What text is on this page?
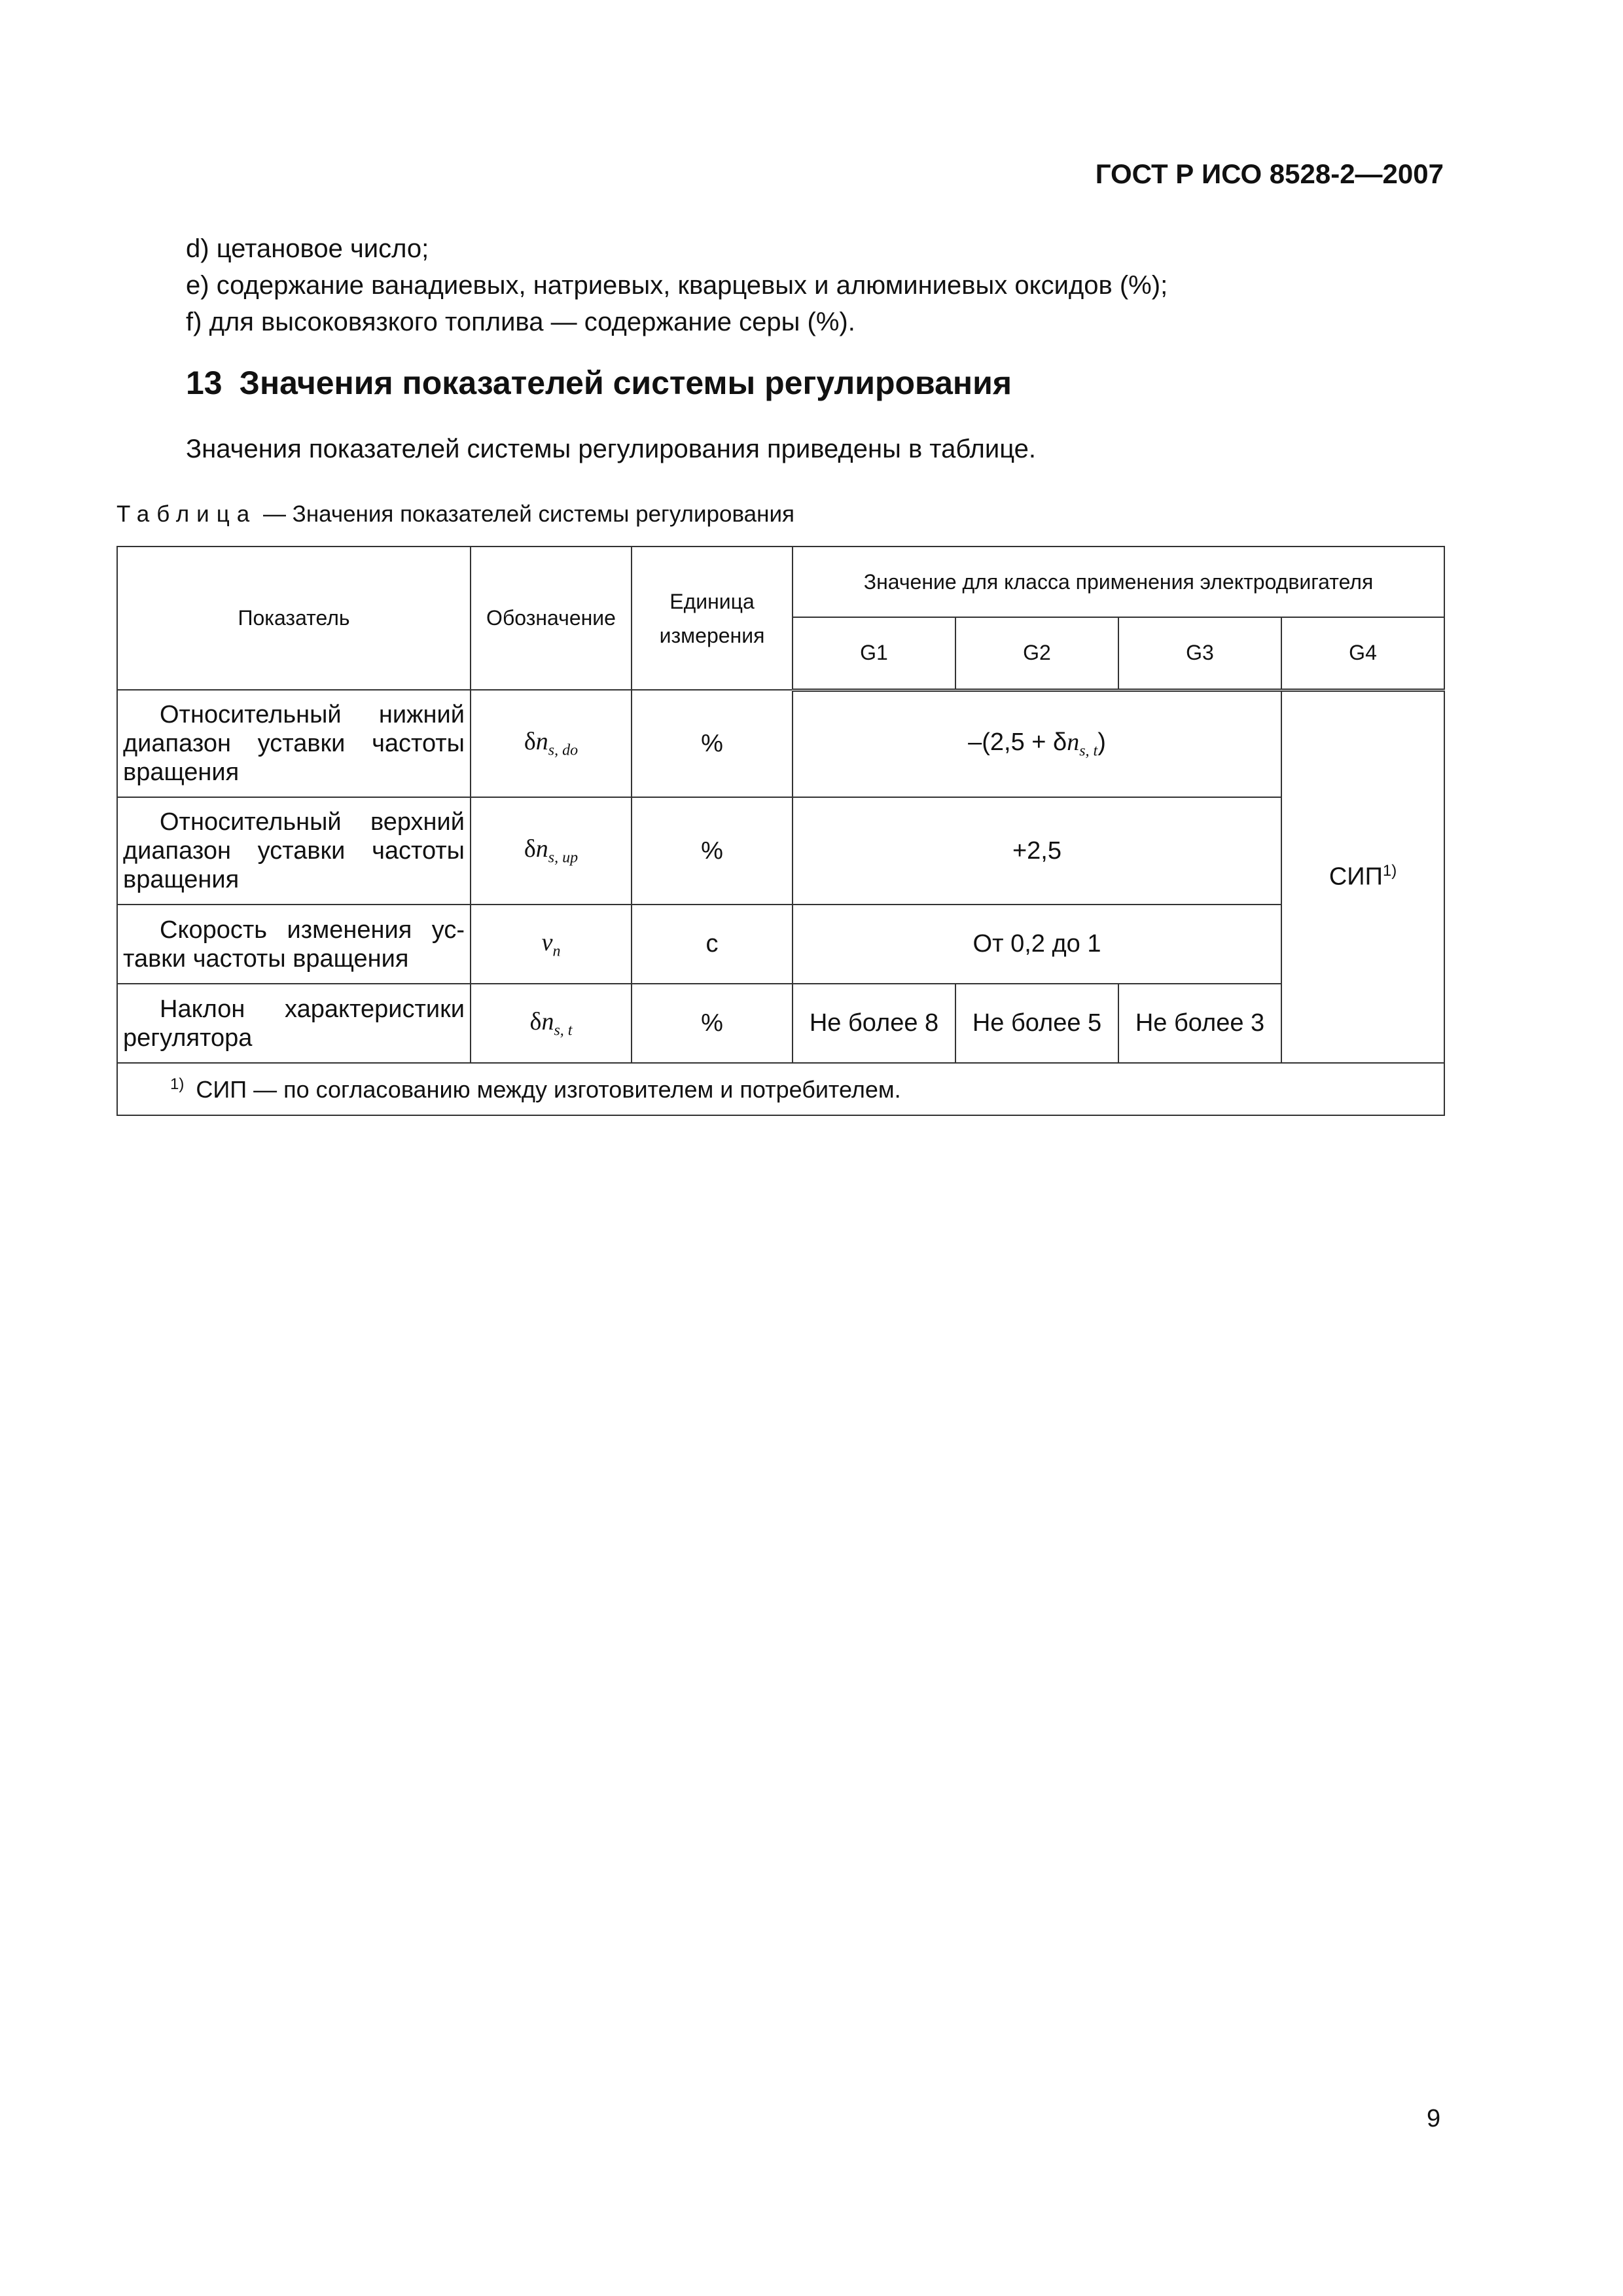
ГОСТ Р ИСО 8528-2—2007
d) цетановое число;
e) содержание ванадиевых, натриевых, кварцевых и алюминиевых оксидов (%);
f) для высоковязкого топлива — содержание серы (%).
13 Значения показателей системы регулирования
Значения показателей системы регулирования приведены в таблице.
Таблица — Значения показателей системы регулирования
Показатель	Обозначение	Единица измерения	Значение для класса применения электродвигателя			
			G1	G2	G3	G4
Относительный нижний диапазон уставки частоты вращения	$\delta n_{s, do}$	%	$-(2,5 + \delta n_{s, t})$			СИП$^{1)}$
Относительный верхний диапазон уставки частоты вращения	$\delta n_{s, up}$	%	+2,5			
Скорость изменения ус- тавки частоты вращения	$v_n$	с	От 0,2 до 1			
Наклон характеристики регулятора	$\delta n_{s, t}$	%	Не более 8	Не более 5	Не более 3	
$^{1)}$ СИП — по согласованию между изготовителем и потребителем.						
9
